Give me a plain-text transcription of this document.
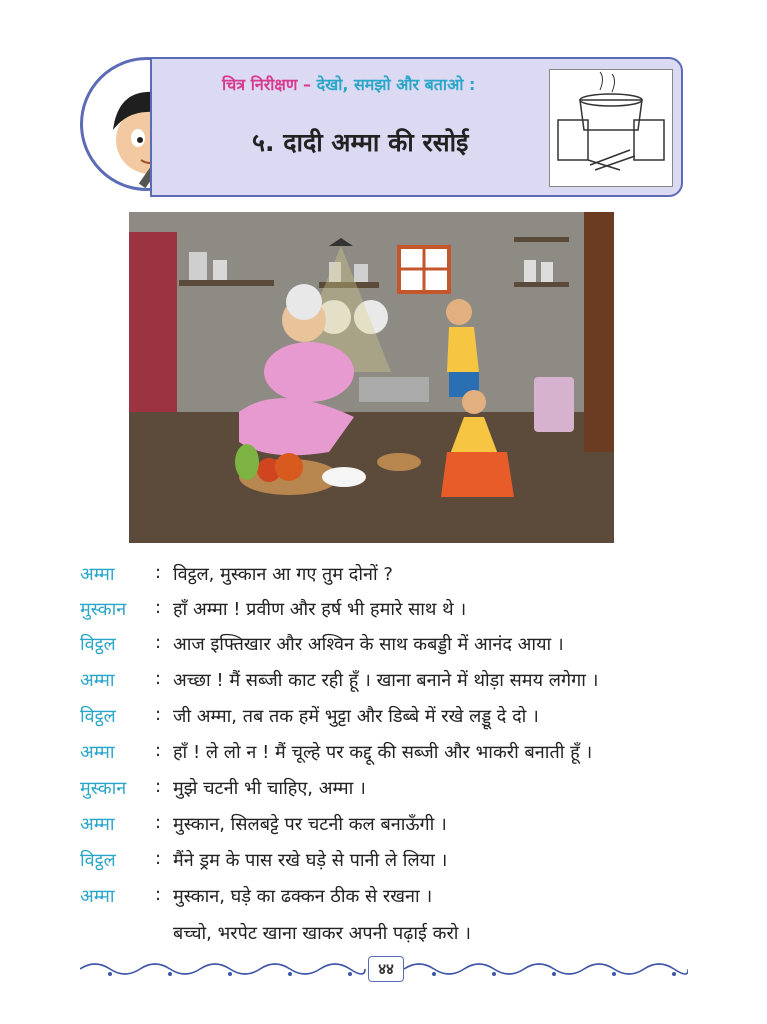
चित्र निरीक्षण – देखो, समझो और बताओ :
५. दादी अम्मा की रसोई
अम्मा : विट्ठल, मुस्कान आ गए तुम दोनों ?
मुस्कान : हाँ अम्मा ! प्रवीण और हर्ष भी हमारे साथ थे ।
विट्ठल : आज इफ्तिखार और अश्विन के साथ कबड्डी में आनंद आया ।
अम्मा : अच्छा ! मैं सब्जी काट रही हूँ । खाना बनाने में थोड़ा समय लगेगा ।
विट्ठल : जी अम्मा, तब तक हमें भुट्टा और डिब्बे में रखे लड्डू दे दो ।
अम्मा : हाँ ! ले लो न ! मैं चूल्हे पर कद्दू की सब्जी और भाकरी बनाती हूँ ।
मुस्कान : मुझे चटनी भी चाहिए, अम्मा ।
अम्मा : मुस्कान, सिलबट्टे पर चटनी कल बनाऊँगी ।
विट्ठल : मैंने ड्रम के पास रखे घड़े से पानी ले लिया ।
अम्मा : मुस्कान, घड़े का ढक्कन ठीक से रखना ।
बच्चो, भरपेट खाना खाकर अपनी पढ़ाई करो ।
४४
